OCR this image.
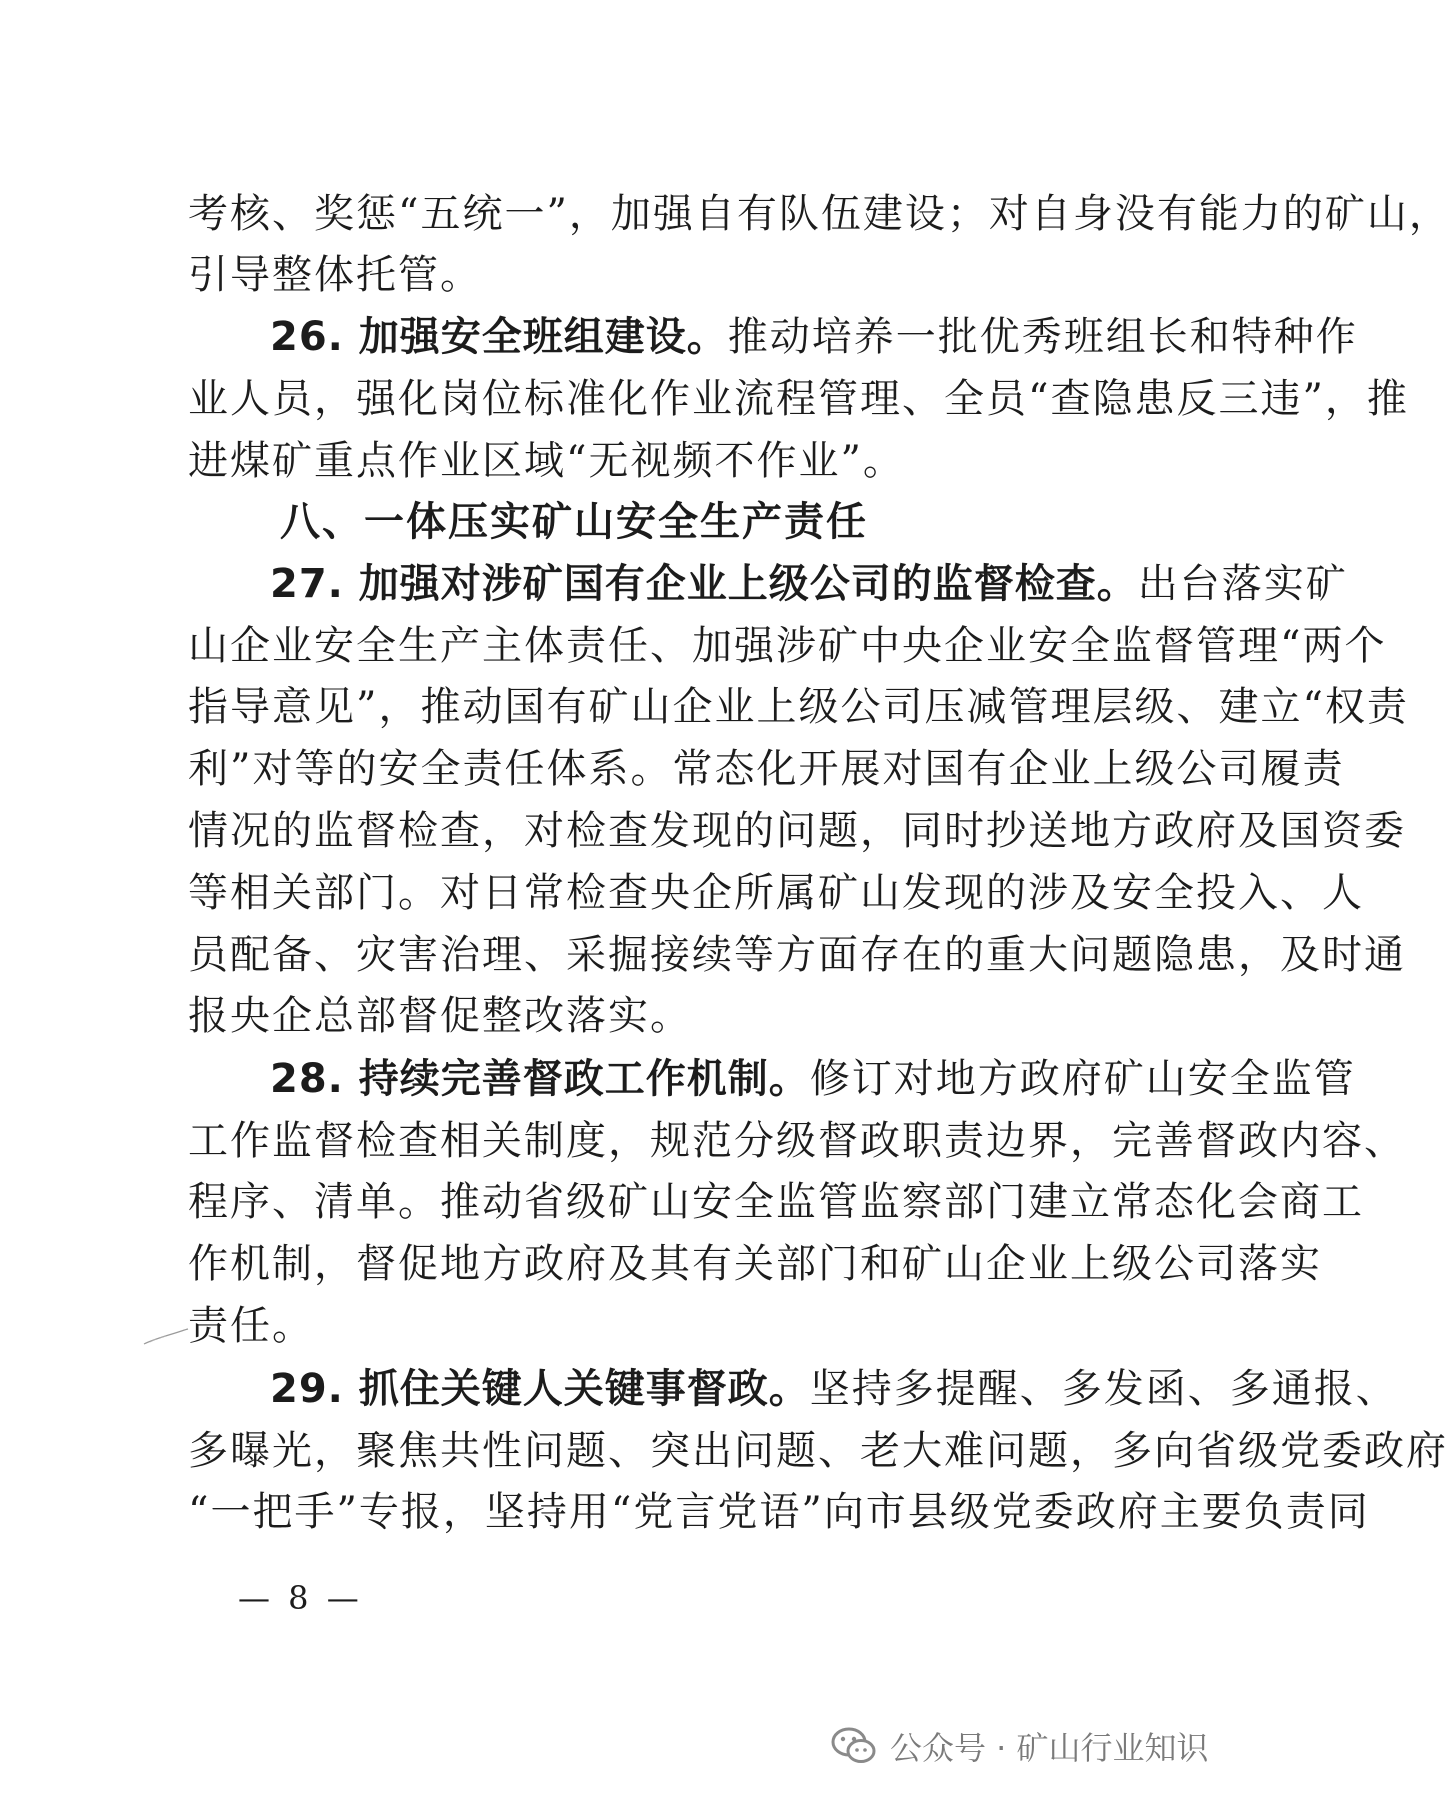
考核、奖惩“五统一”，加强自有队伍建设；对自身没有能力的矿山，
引导整体托管。
26. 加强安全班组建设。推动培养一批优秀班组长和特种作
业人员，强化岗位标准化作业流程管理、全员“查隐患反三违”，推
进煤矿重点作业区域“无视频不作业”。
八、一体压实矿山安全生产责任
27. 加强对涉矿国有企业上级公司的监督检查。出台落实矿
山企业安全生产主体责任、加强涉矿中央企业安全监督管理“两个
指导意见”，推动国有矿山企业上级公司压减管理层级、建立“权责
利”对等的安全责任体系。常态化开展对国有企业上级公司履责
情况的监督检查，对检查发现的问题，同时抄送地方政府及国资委
等相关部门。对日常检查央企所属矿山发现的涉及安全投入、人
员配备、灾害治理、采掘接续等方面存在的重大问题隐患，及时通
报央企总部督促整改落实。
28. 持续完善督政工作机制。修订对地方政府矿山安全监管
工作监督检查相关制度，规范分级督政职责边界，完善督政内容、
程序、清单。推动省级矿山安全监管监察部门建立常态化会商工
作机制，督促地方政府及其有关部门和矿山企业上级公司落实
责任。
29. 抓住关键人关键事督政。坚持多提醒、多发函、多通报、
多曝光，聚焦共性问题、突出问题、老大难问题，多向省级党委政府
“一把手”专报，坚持用“党言党语”向市县级党委政府主要负责同
— 8 —
公众号 · 矿山行业知识
